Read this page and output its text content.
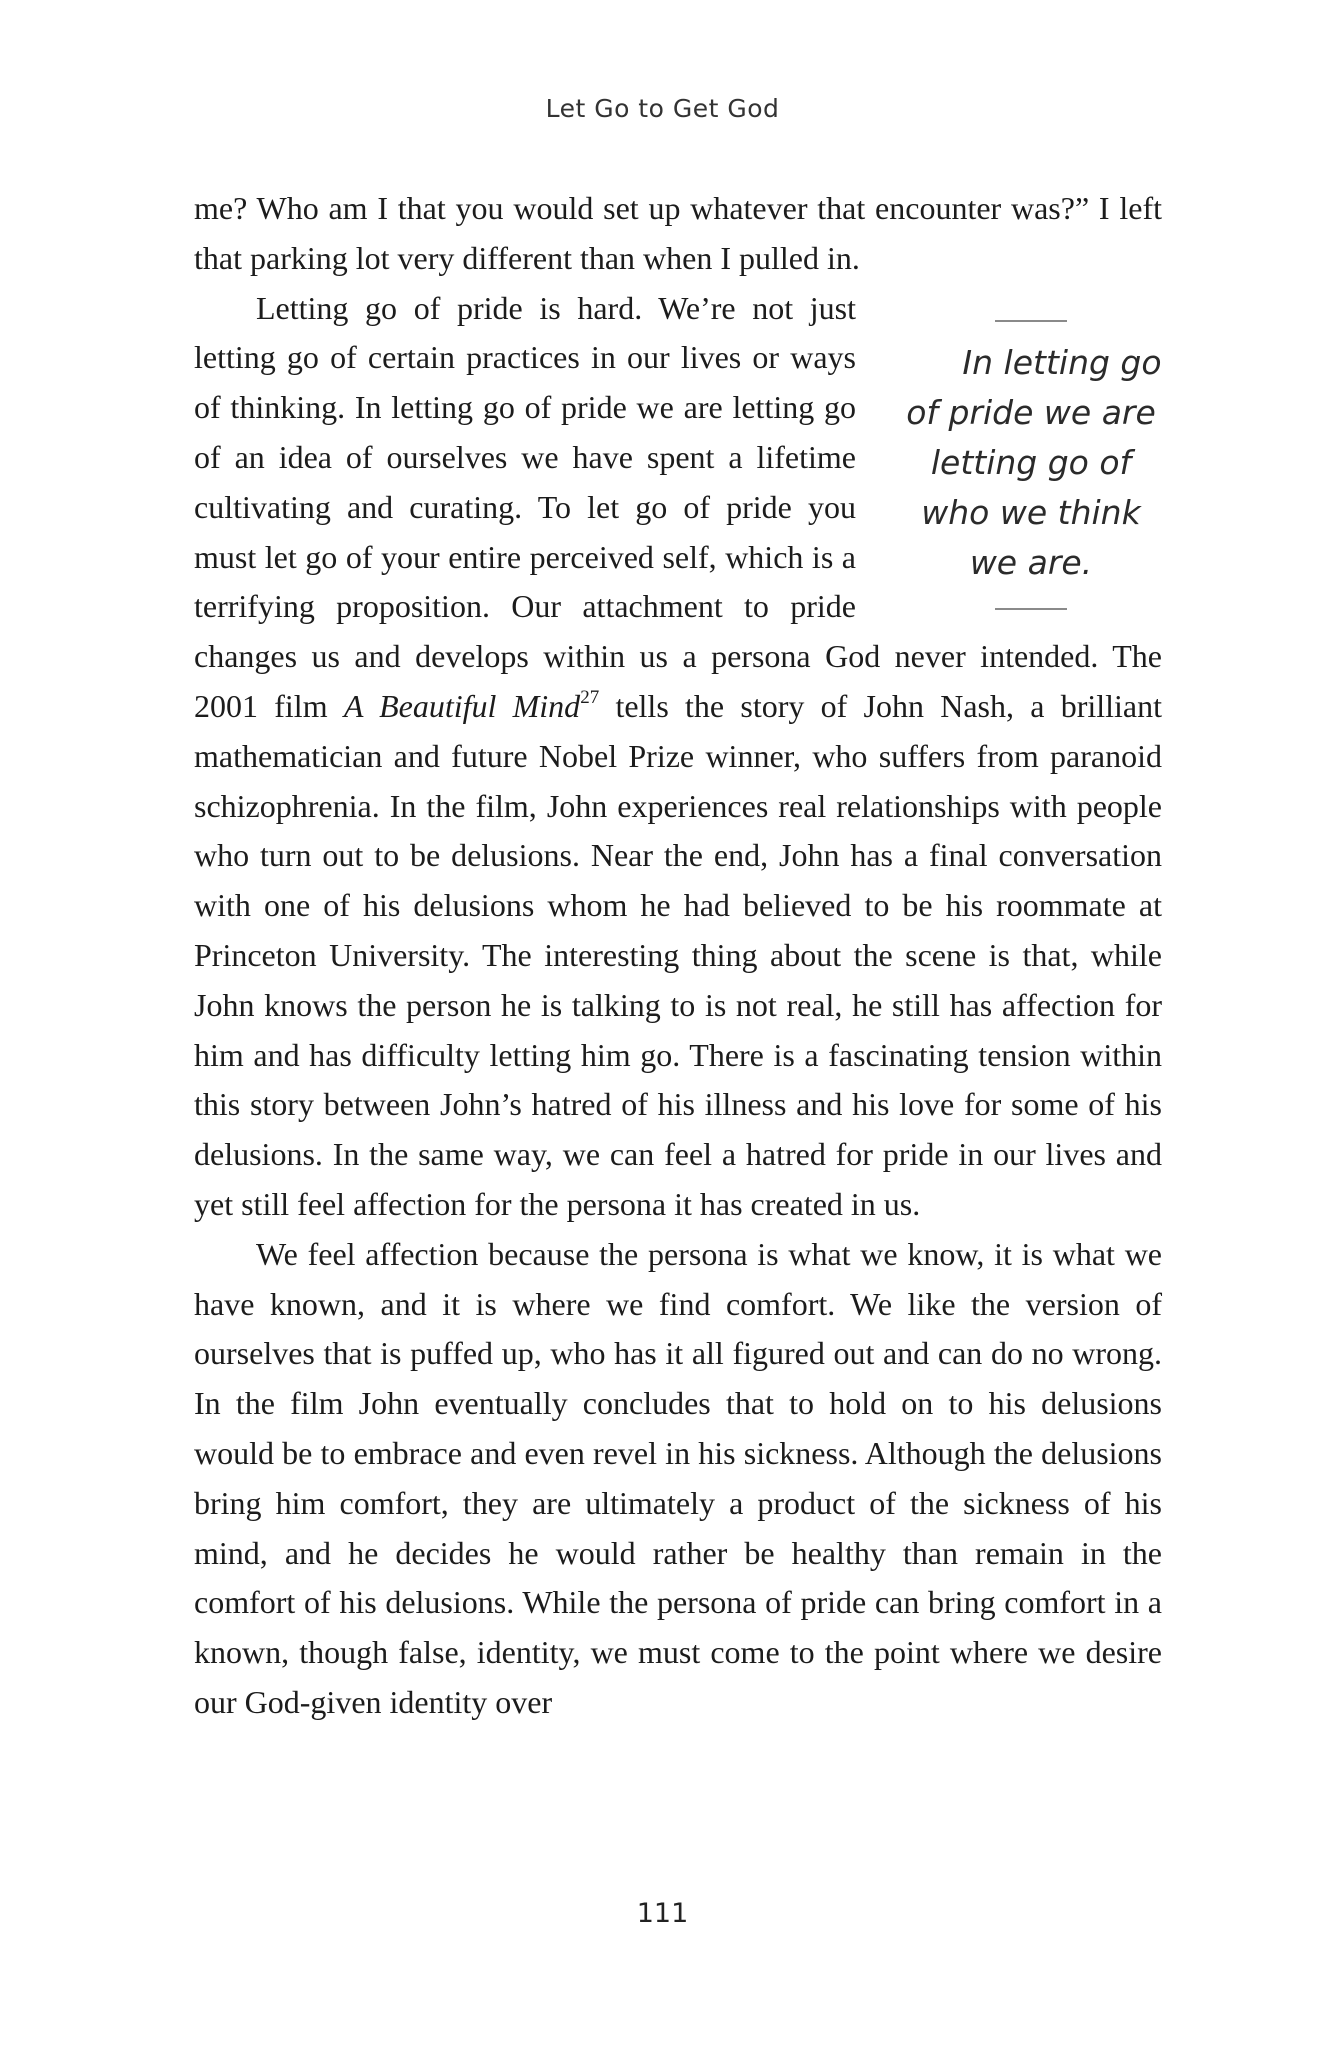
Let Go to Get God

me? Who am I that you would set up whatever that encounter was?” I left that parking lot very different than when I pulled in.

In letting go of pride we are letting go of who we think we are.
Letting go of pride is hard. We’re not just letting go of certain practices in our lives or ways of thinking. In letting go of pride we are letting go of an idea of ourselves we have spent a lifetime cultivating and curating. To let go of pride you must let go of your entire perceived self, which is a terrifying proposition. Our attachment to pride changes us and develops within us a persona God never intended. The 2001 film A Beautiful Mind$^{27}$ tells the story of John Nash, a brilliant mathematician and future Nobel Prize winner, who suffers from paranoid schizophrenia. In the film, John experiences real relationships with people who turn out to be delusions. Near the end, John has a final conversation with one of his delusions whom he had believed to be his roommate at Princeton University. The interesting thing about the scene is that, while John knows the person he is talking to is not real, he still has affection for him and has difficulty letting him go. There is a fascinating tension within this story between John’s hatred of his illness and his love for some of his delusions. In the same way, we can feel a hatred for pride in our lives and yet still feel affection for the persona it has created in us.

We feel affection because the persona is what we know, it is what we have known, and it is where we find comfort. We like the version of ourselves that is puffed up, who has it all figured out and can do no wrong. In the film John eventually concludes that to hold on to his delusions would be to embrace and even revel in his sickness. Although the delusions bring him comfort, they are ultimately a product of the sickness of his mind, and he decides he would rather be healthy than remain in the comfort of his delusions. While the persona of pride can bring comfort in a known, though false, identity, we must come to the point where we desire our God-given identity over

111
